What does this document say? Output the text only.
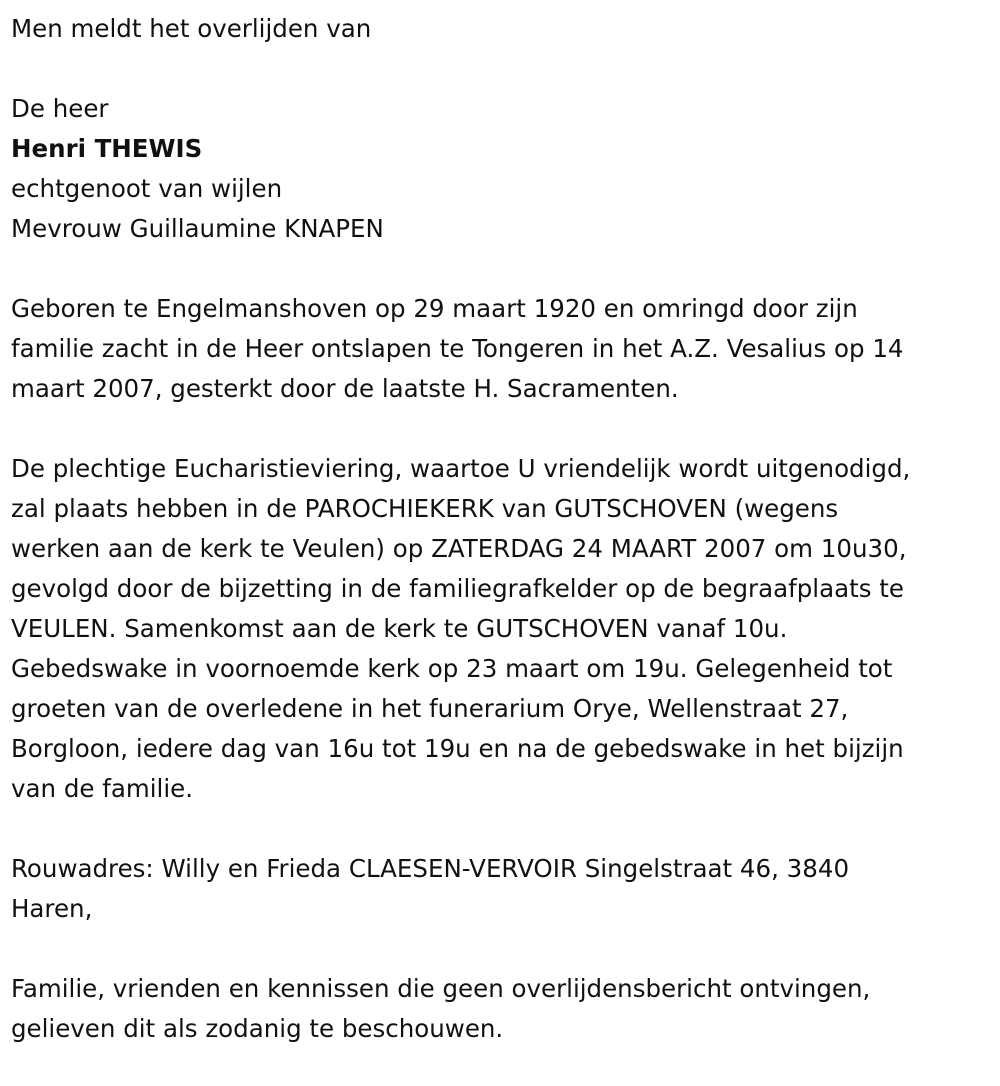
Men meldt het overlijden van

De heer

Henri THEWIS

echtgenoot van wijlen

Mevrouw Guillaumine KNAPEN

Geboren te Engelmanshoven op 29 maart 1920 en omringd door zijn

familie zacht in de Heer ontslapen te Tongeren in het A.Z. Vesalius op 14

maart 2007, gesterkt door de laatste H. Sacramenten.

De plechtige Eucharistieviering, waartoe U vriendelijk wordt uitgenodigd,

zal plaats hebben in de PAROCHIEKERK van GUTSCHOVEN (wegens

werken aan de kerk te Veulen) op ZATERDAG 24 MAART 2007 om 10u30,

gevolgd door de bijzetting in de familiegrafkelder op de begraafplaats te

VEULEN. Samenkomst aan de kerk te GUTSCHOVEN vanaf 10u.

Gebedswake in voornoemde kerk op 23 maart om 19u. Gelegenheid tot

groeten van de overledene in het funerarium Orye, Wellenstraat 27,

Borgloon, iedere dag van 16u tot 19u en na de gebedswake in het bijzijn

van de familie.

Rouwadres: Willy en Frieda CLAESEN-VERVOIR Singelstraat 46, 3840

Haren,

Familie, vrienden en kennissen die geen overlijdensbericht ontvingen,

gelieven dit als zodanig te beschouwen.
